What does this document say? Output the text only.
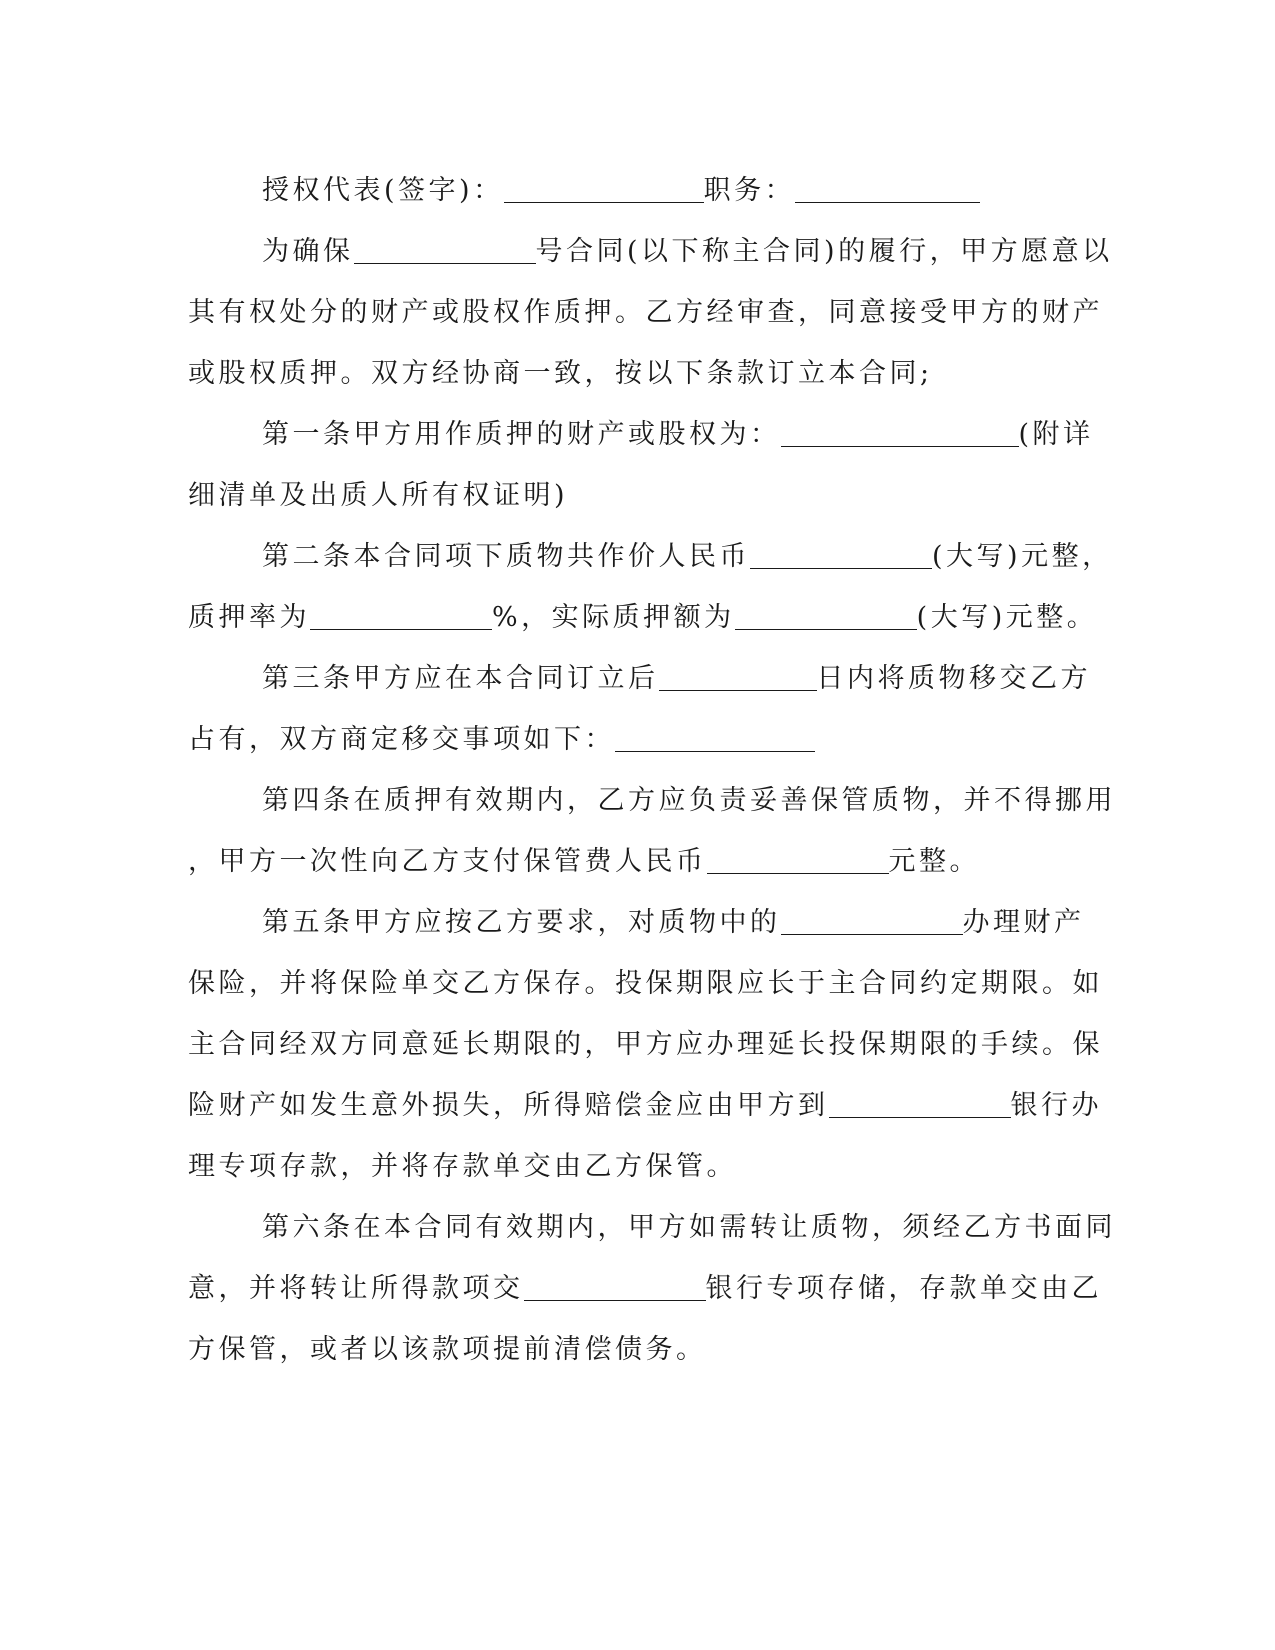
授权代表(签字)：	职务：
为确保	号合同(以下称主合同)的履行，甲方愿意以
其有权处分的财产或股权作质押。乙方经审查，同意接受甲方的财产
或股权质押。双方经协商一致，按以下条款订立本合同;
第一条甲方用作质押的财产或股权为：	(附详
细清单及出质人所有权证明)
第二条本合同项下质物共作价人民币	(大写)元整，
质押率为	%，实际质押额为	(大写)元整。
第三条甲方应在本合同订立后	日内将质物移交乙方
占有，双方商定移交事项如下：
第四条在质押有效期内，乙方应负责妥善保管质物，并不得挪用
，甲方一次性向乙方支付保管费人民币	元整。
第五条甲方应按乙方要求，对质物中的	办理财产
保险，并将保险单交乙方保存。投保期限应长于主合同约定期限。如
主合同经双方同意延长期限的，甲方应办理延长投保期限的手续。保
险财产如发生意外损失，所得赔偿金应由甲方到	银行办
理专项存款，并将存款单交由乙方保管。
第六条在本合同有效期内，甲方如需转让质物，须经乙方书面同
意，并将转让所得款项交	银行专项存储，存款单交由乙
方保管，或者以该款项提前清偿债务。
